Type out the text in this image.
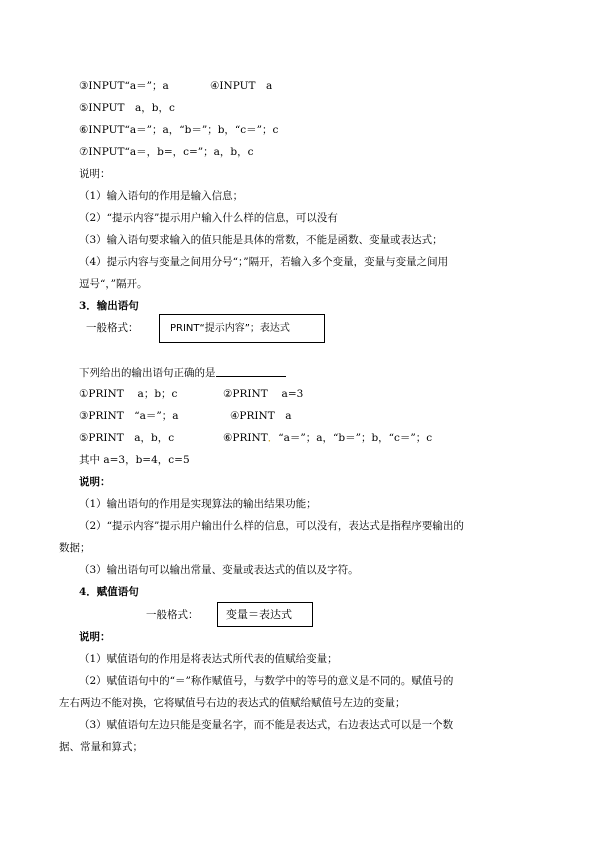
③INPUT“a＝”；a	④INPUT　a
⑤INPUT　a，b，c
⑥INPUT“a＝”；a，“b＝”；b，“c＝”；c
⑦INPUT“a＝，b=，c=”；a，b，c
说明：
（1）输入语句的作用是输入信息；
（2）“提示内容”提示用户输入什么样的信息，可以没有
（3）输入语句要求输入的值只能是具体的常数，不能是函数、变量或表达式；
（4）提示内容与变量之间用分号“；”隔开，若输入多个变量，变量与变量之间用
逗号“，”隔开。
3．输出语句
一般格式：	PRINT“提示内容”；表达式
下列给出的输出语句正确的是
①PRINT　 a；b；c	②PRINT　 a=3
③PRINT　“a＝”；a	④PRINT　a
⑤PRINT　a，b，c	⑥PRINT．“a＝”；a，“b＝”；b，“c＝”；c
其中 a=3，b=4，c=5
说明：
（1）输出语句的作用是实现算法的输出结果功能；
（2）“提示内容”提示用户输出什么样的信息，可以没有，表达式是指程序要输出的
数据；
（3）输出语句可以输出常量、变量或表达式的值以及字符。
4．赋值语句
一般格式：	变量＝表达式
说明：
（1）赋值语句的作用是将表达式所代表的值赋给变量；
（2）赋值语句中的“＝”称作赋值号，与数学中的等号的意义是不同的。赋值号的
左右两边不能对换，它将赋值号右边的表达式的值赋给赋值号左边的变量；
（3）赋值语句左边只能是变量名字，而不能是表达式，右边表达式可以是一个数
据、常量和算式；
